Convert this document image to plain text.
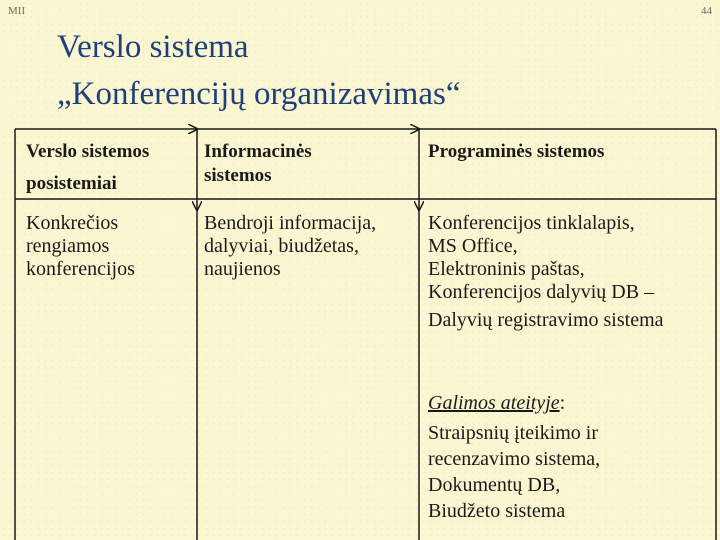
MII	44
Verslo sistema
„Konferencijų organizavimas“
Verslo sistemos
posistemiai
Informacinės
sistemos
Programinės sistemos
Konkrečios
rengiamos
konferencijos
Bendroji informacija,
dalyviai, biudžetas,
naujienos
Konferencijos tinklalapis,
MS Office,
Elektroninis paštas,
Konferencijos dalyvių DB –
Dalyvių registravimo sistema
Galimos ateityje:
Straipsnių įteikimo ir
recenzavimo sistema,
Dokumentų DB,
Biudžeto sistema
